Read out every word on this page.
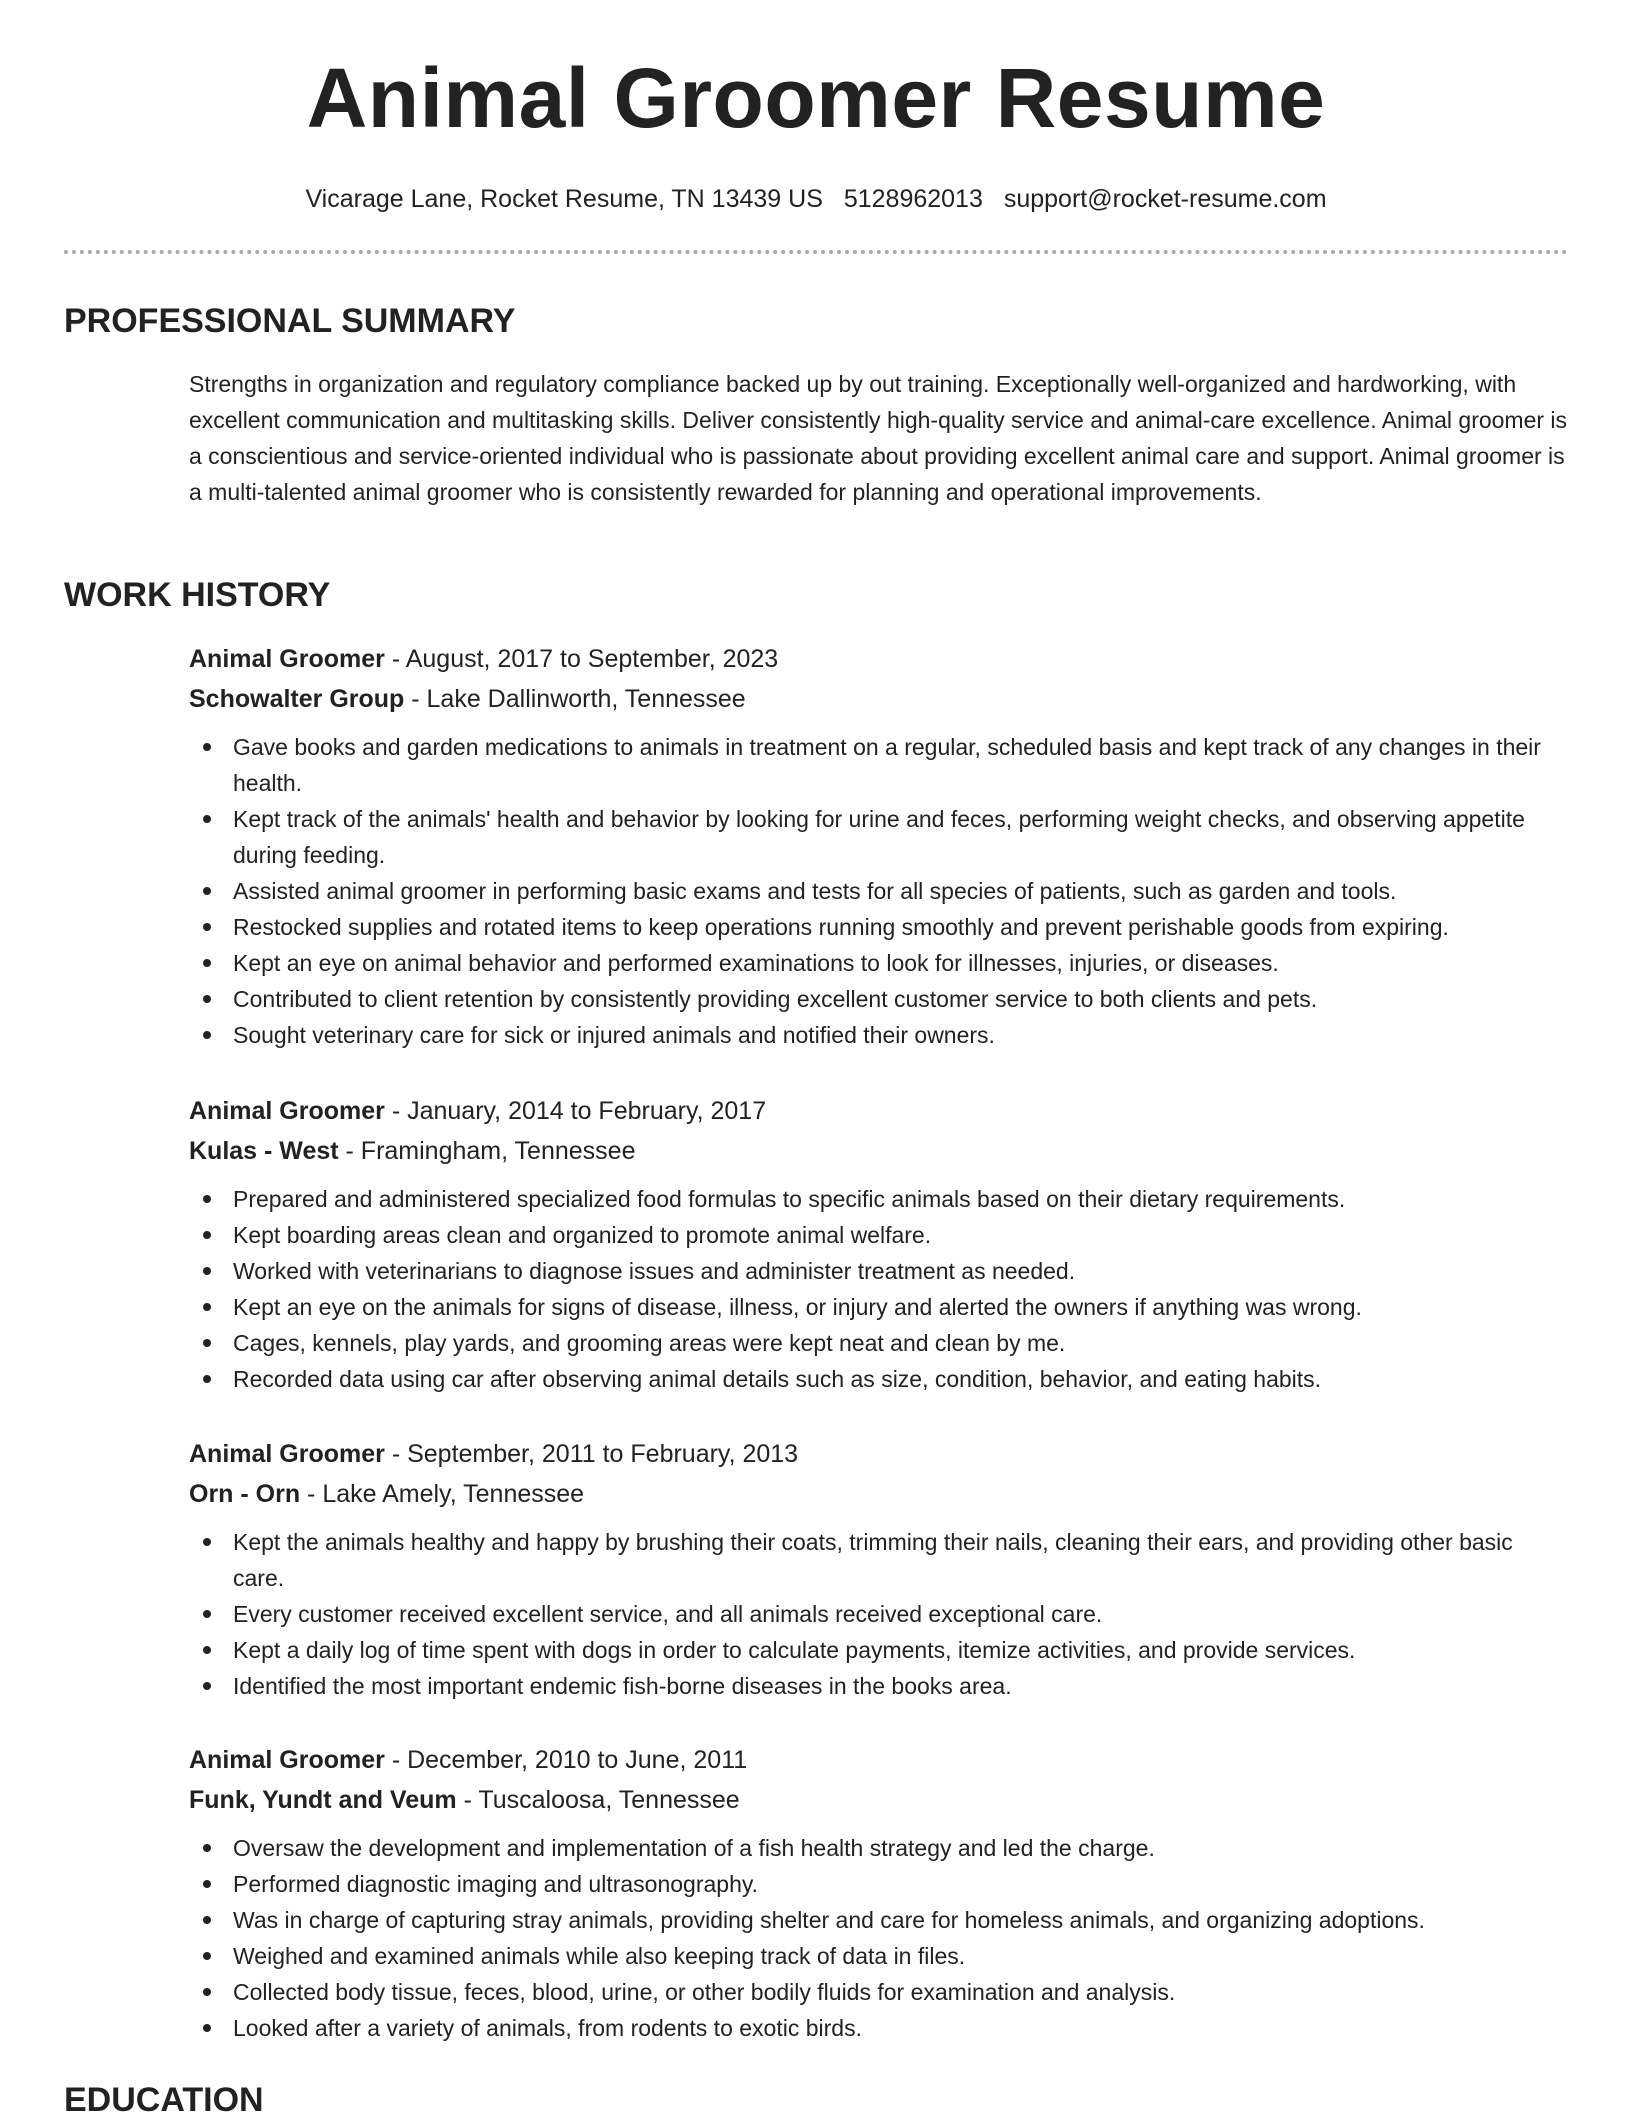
Animal Groomer Resume
Vicarage Lane, Rocket Resume, TN 13439 US 5128962013 support@rocket-resume.com
PROFESSIONAL SUMMARY

Strengths in organization and regulatory compliance backed up by out training. Exceptionally well-organized and hardworking, with excellent communication and multitasking skills. Deliver consistently high-quality service and animal-care excellence. Animal groomer is a conscientious and service-oriented individual who is passionate about providing excellent animal care and support. Animal groomer is a multi-talented animal groomer who is consistently rewarded for planning and operational improvements.

WORK HISTORY
Animal Groomer - August, 2017 to September, 2023
Schowalter Group - Lake Dallinworth, Tennessee
Gave books and garden medications to animals in treatment on a regular, scheduled basis and kept track of any changes in their health.
Kept track of the animals' health and behavior by looking for urine and feces, performing weight checks, and observing appetite during feeding.
Assisted animal groomer in performing basic exams and tests for all species of patients, such as garden and tools.
Restocked supplies and rotated items to keep operations running smoothly and prevent perishable goods from expiring.
Kept an eye on animal behavior and performed examinations to look for illnesses, injuries, or diseases.
Contributed to client retention by consistently providing excellent customer service to both clients and pets.
Sought veterinary care for sick or injured animals and notified their owners.
Animal Groomer - January, 2014 to February, 2017
Kulas - West - Framingham, Tennessee
Prepared and administered specialized food formulas to specific animals based on their dietary requirements.
Kept boarding areas clean and organized to promote animal welfare.
Worked with veterinarians to diagnose issues and administer treatment as needed.
Kept an eye on the animals for signs of disease, illness, or injury and alerted the owners if anything was wrong.
Cages, kennels, play yards, and grooming areas were kept neat and clean by me.
Recorded data using car after observing animal details such as size, condition, behavior, and eating habits.
Animal Groomer - September, 2011 to February, 2013
Orn - Orn - Lake Amely, Tennessee
Kept the animals healthy and happy by brushing their coats, trimming their nails, cleaning their ears, and providing other basic care.
Every customer received excellent service, and all animals received exceptional care.
Kept a daily log of time spent with dogs in order to calculate payments, itemize activities, and provide services.
Identified the most important endemic fish-borne diseases in the books area.
Animal Groomer - December, 2010 to June, 2011
Funk, Yundt and Veum - Tuscaloosa, Tennessee
Oversaw the development and implementation of a fish health strategy and led the charge.
Performed diagnostic imaging and ultrasonography.
Was in charge of capturing stray animals, providing shelter and care for homeless animals, and organizing adoptions.
Weighed and examined animals while also keeping track of data in files.
Collected body tissue, feces, blood, urine, or other bodily fluids for examination and analysis.
Looked after a variety of animals, from rodents to exotic birds.
EDUCATION
